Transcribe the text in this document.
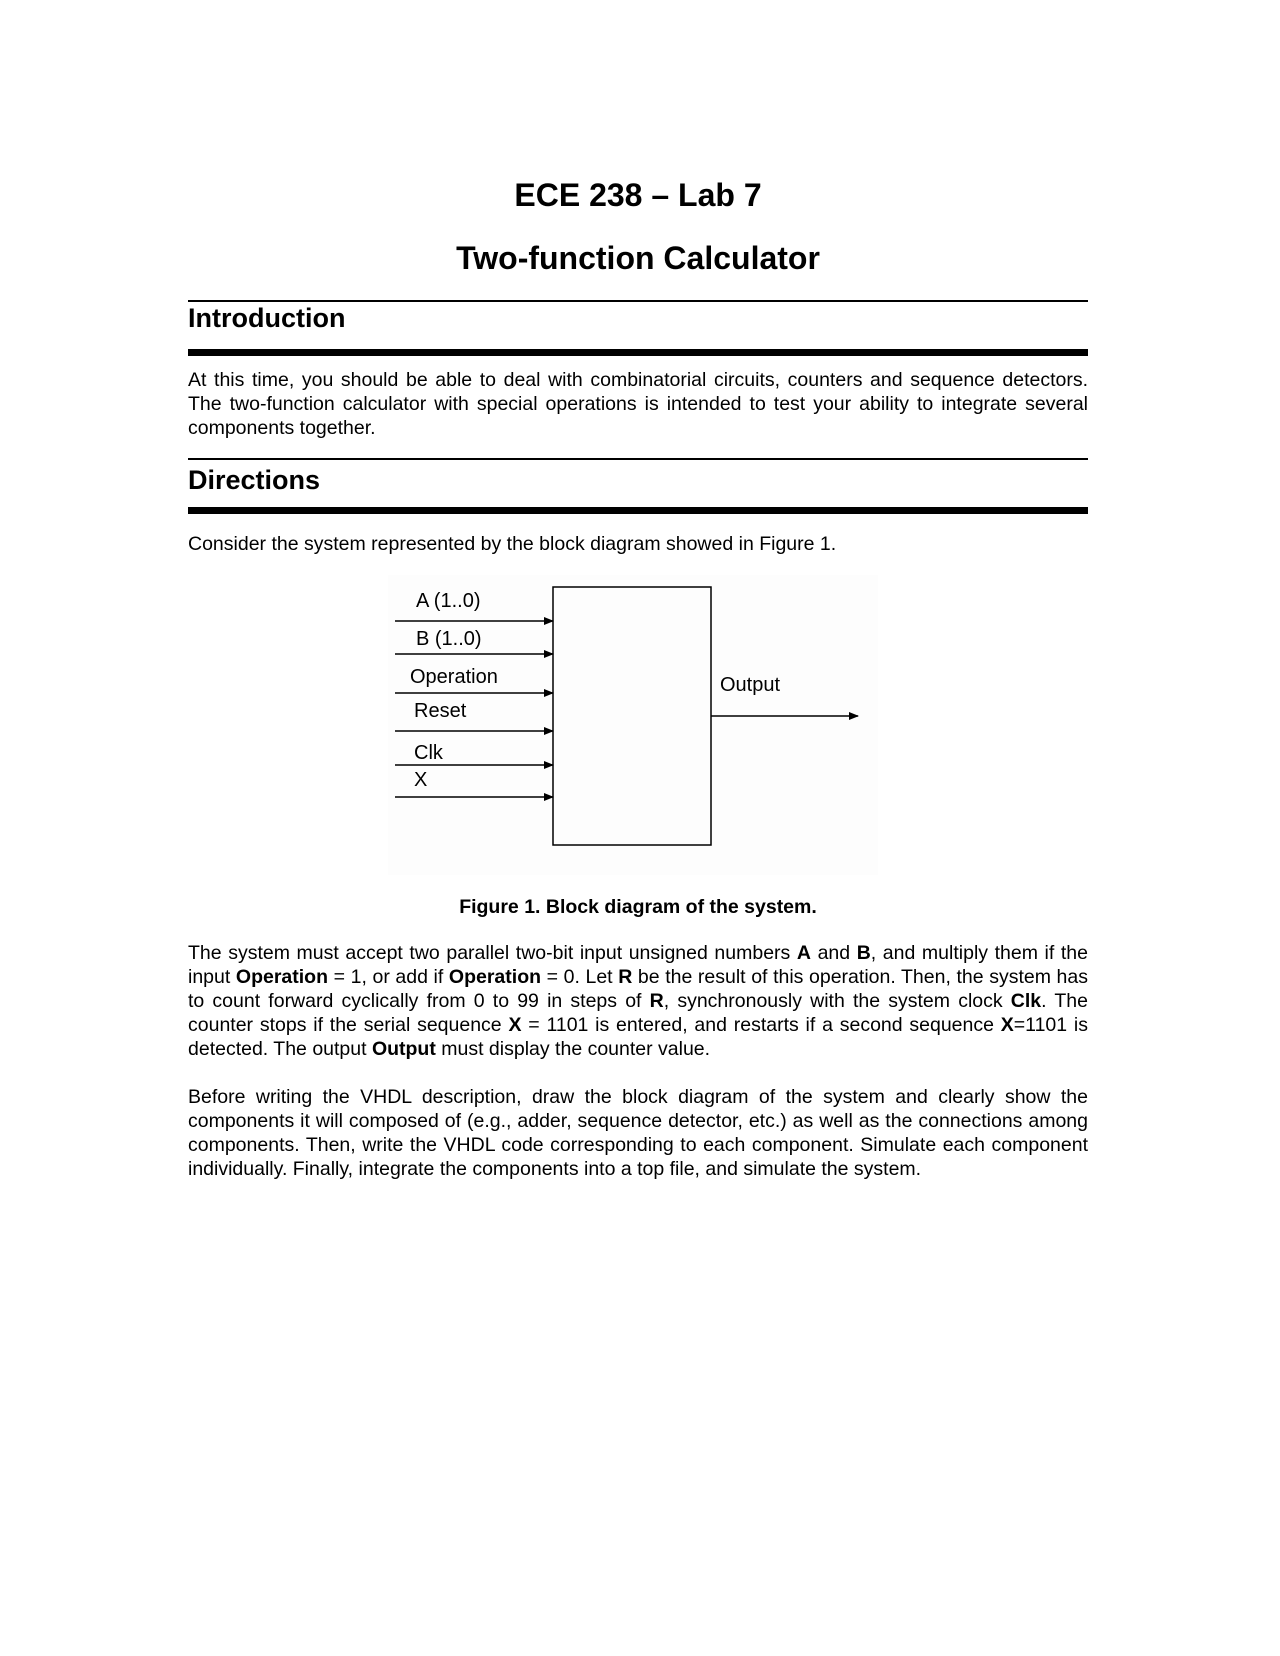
ECE 238 – Lab 7
Two-function Calculator
Introduction

At this time, you should be able to deal with combinatorial circuits, counters and sequence detectors. The two-function calculator with special operations is intended to test your ability to integrate several components together.

Directions

Consider the system represented by the block diagram showed in Figure 1.

A (1..0)
B (1..0)
Operation
Reset
Clk
X
Output

Figure 1. Block diagram of the system.

The system must accept two parallel two-bit input unsigned numbers A and B, and multiply them if the input Operation = 1, or add if Operation = 0. Let R be the result of this operation. Then, the system has to count forward cyclically from 0 to 99 in steps of R, synchronously with the system clock Clk. The counter stops if the serial sequence X = 1101 is entered, and restarts if a second sequence X=1101 is detected. The output Output must display the counter value.

Before writing the VHDL description, draw the block diagram of the system and clearly show the components it will composed of (e.g., adder, sequence detector, etc.) as well as the connections among components. Then, write the VHDL code corresponding to each component. Simulate each component individually. Finally, integrate the components into a top file, and simulate the system.
